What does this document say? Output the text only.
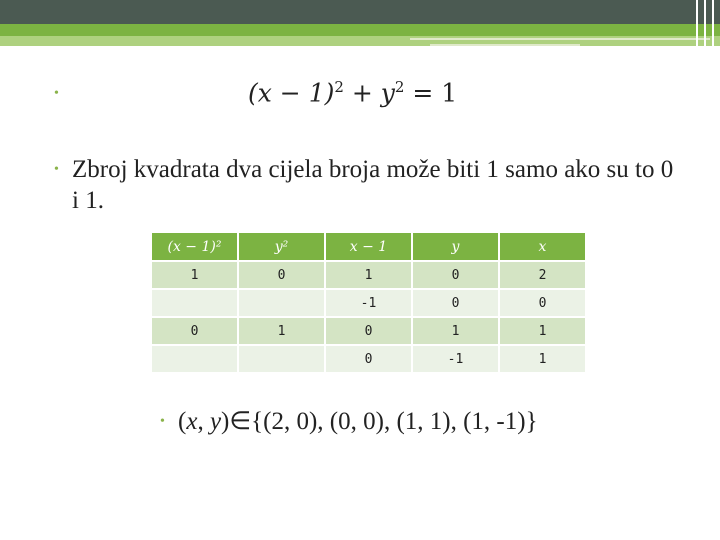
•	$(x - 1)^2 + y^2 = 1$
• Zbroj kvadrata dva cijela broja može biti 1 samo ako su to 0 i 1.
(x − 1)²	y²	x − 1	y	x
1	0	1	0	2
		-1	0	0
0	1	0	1	1
		0	-1	1
• (x, y)∈{(2, 0), (0, 0), (1, 1), (1, -1)}
